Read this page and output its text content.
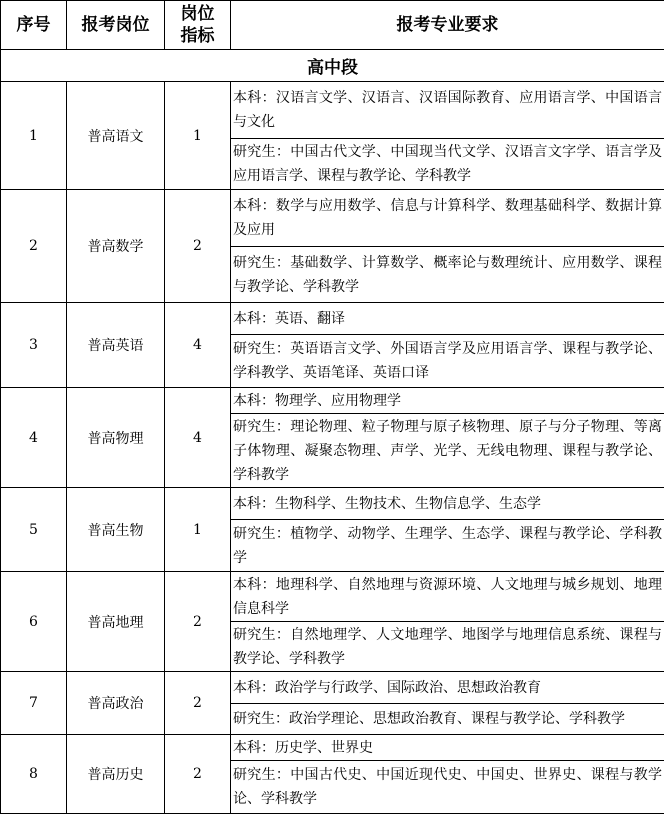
序号	报考岗位	岗位指标	报考专业要求
高中段			
1	普高语文	1	本科：汉语言文学、汉语言、汉语国际教育、应用语言学、中国语言与文化
			研究生：中国古代文学、中国现当代文学、汉语言文字学、语言学及应用语言学、课程与教学论、学科教学
2	普高数学	2	本科：数学与应用数学、信息与计算科学、数理基础科学、数据计算及应用
			研究生：基础数学、计算数学、概率论与数理统计、应用数学、课程与教学论、学科教学
3	普高英语	4	本科：英语、翻译
			研究生：英语语言文学、外国语言学及应用语言学、课程与教学论、学科教学、英语笔译、英语口译
4	普高物理	4	本科：物理学、应用物理学
			研究生：理论物理、粒子物理与原子核物理、原子与分子物理、等离子体物理、凝聚态物理、声学、光学、无线电物理、课程与教学论、学科教学
5	普高生物	1	本科：生物科学、生物技术、生物信息学、生态学
			研究生：植物学、动物学、生理学、生态学、课程与教学论、学科教学
6	普高地理	2	本科：地理科学、自然地理与资源环境、人文地理与城乡规划、地理信息科学
			研究生：自然地理学、人文地理学、地图学与地理信息系统、课程与教学论、学科教学
7	普高政治	2	本科：政治学与行政学、国际政治、思想政治教育
			研究生：政治学理论、思想政治教育、课程与教学论、学科教学
8	普高历史	2	本科：历史学、世界史
			研究生：中国古代史、中国近现代史、中国史、世界史、课程与教学论、学科教学
